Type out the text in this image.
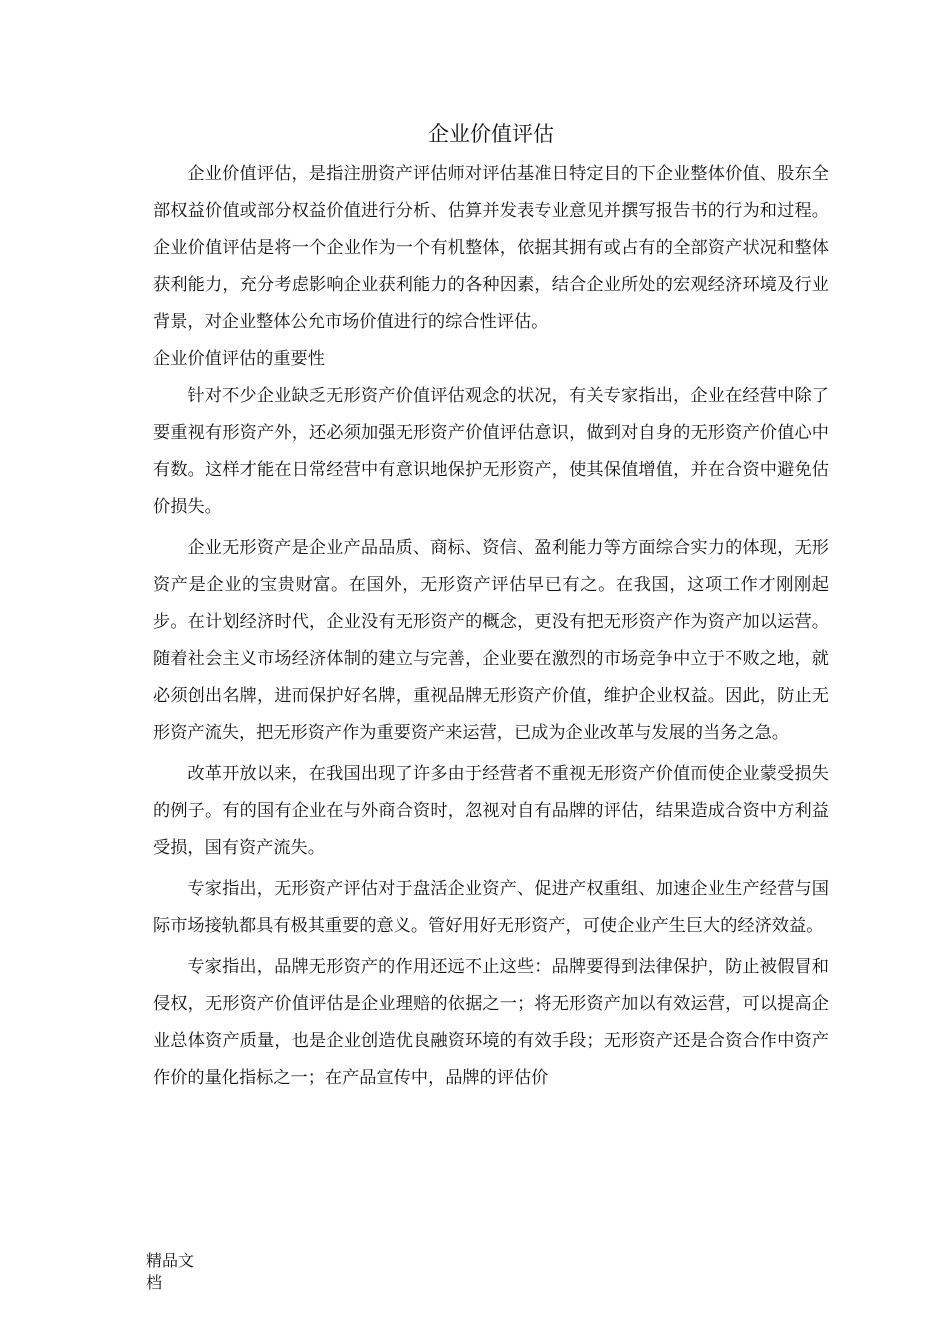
企业价值评估

企业价值评估，是指注册资产评估师对评估基准日特定目的下企业整体价值、股东全部权益价值或部分权益价值进行分析、估算并发表专业意见并撰写报告书的行为和过程。企业价值评估是将一个企业作为一个有机整体，依据其拥有或占有的全部资产状况和整体获利能力，充分考虑影响企业获利能力的各种因素，结合企业所处的宏观经济环境及行业背景，对企业整体公允市场价值进行的综合性评估。

企业价值评估的重要性

针对不少企业缺乏无形资产价值评估观念的状况，有关专家指出，企业在经营中除了要重视有形资产外，还必须加强无形资产价值评估意识，做到对自身的无形资产价值心中有数。这样才能在日常经营中有意识地保护无形资产，使其保值增值，并在合资中避免估价损失。

企业无形资产是企业产品品质、商标、资信、盈利能力等方面综合实力的体现，无形资产是企业的宝贵财富。在国外，无形资产评估早已有之。在我国，这项工作才刚刚起步。在计划经济时代，企业没有无形资产的概念，更没有把无形资产作为资产加以运营。随着社会主义市场经济体制的建立与完善，企业要在激烈的市场竞争中立于不败之地，就必须创出名牌，进而保护好名牌，重视品牌无形资产价值，维护企业权益。因此，防止无形资产流失，把无形资产作为重要资产来运营，已成为企业改革与发展的当务之急。

改革开放以来，在我国出现了许多由于经营者不重视无形资产价值而使企业蒙受损失的例子。有的国有企业在与外商合资时，忽视对自有品牌的评估，结果造成合资中方利益受损，国有资产流失。

专家指出，无形资产评估对于盘活企业资产、促进产权重组、加速企业生产经营与国际市场接轨都具有极其重要的意义。管好用好无形资产，可使企业产生巨大的经济效益。

专家指出，品牌无形资产的作用还远不止这些：品牌要得到法律保护，防止被假冒和侵权，无形资产价值评估是企业理赔的依据之一；将无形资产加以有效运营，可以提高企业总体资产质量，也是企业创造优良融资环境的有效手段；无形资产还是合资合作中资产作价的量化指标之一；在产品宣传中，品牌的评估价

精品文档
